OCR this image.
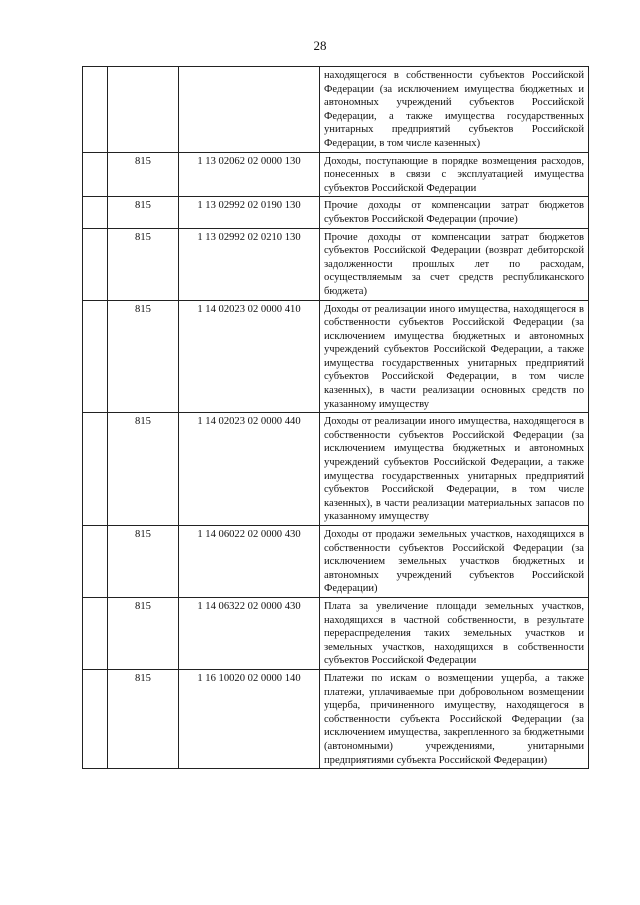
28
			находящегося в собственности субъектов Российской Федерации (за исключением имущества бюджетных и автономных учреждений субъектов Российской Федерации, а также имущества государственных унитарных предприятий субъектов Российской Федерации, в том числе казенных)
	815	1 13 02062 02 0000 130	Доходы, поступающие в порядке возмещения расходов, понесенных в связи с эксплуатацией имущества субъектов Российской Федерации
	815	1 13 02992 02 0190 130	Прочие доходы от компенсации затрат бюджетов субъектов Российской Федерации (прочие)
	815	1 13 02992 02 0210 130	Прочие доходы от компенсации затрат бюджетов субъектов Российской Федерации (возврат дебиторской задолженности прошлых лет по расходам, осуществляемым за счет средств республиканского бюджета)
	815	1 14 02023 02 0000 410	Доходы от реализации иного имущества, находящегося в собственности субъектов Российской Федерации (за исключением имущества бюджетных и автономных учреждений субъектов Российской Федерации, а также имущества государственных унитарных предприятий субъектов Российской Федерации, в том числе казенных), в части реализации основных средств по указанному имуществу
	815	1 14 02023 02 0000 440	Доходы от реализации иного имущества, находящегося в собственности субъектов Российской Федерации (за исключением имущества бюджетных и автономных учреждений субъектов Российской Федерации, а также имущества государственных унитарных предприятий субъектов Российской Федерации, в том числе казенных), в части реализации материальных запасов по указанному имуществу
	815	1 14 06022 02 0000 430	Доходы от продажи земельных участков, находящихся в собственности субъектов Российской Федерации (за исключением земельных участков бюджетных и автономных учреждений субъектов Российской Федерации)
	815	1 14 06322 02 0000 430	Плата за увеличение площади земельных участков, находящихся в частной собственности, в результате перераспределения таких земельных участков и земельных участков, находящихся в собственности субъектов Российской Федерации
	815	1 16 10020 02 0000 140	Платежи по искам о возмещении ущерба, а также платежи, уплачиваемые при добровольном возмещении ущерба, причиненного имуществу, находящегося в собственности субъекта Российской Федерации (за исключением имущества, закрепленного за бюджетными (автономными) учреждениями, унитарными предприятиями субъекта Российской Федерации)
